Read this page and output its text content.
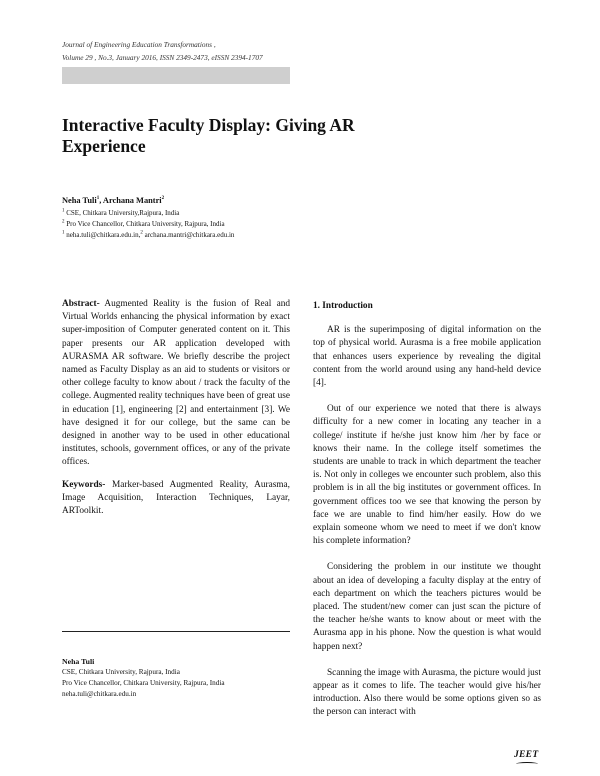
Journal of Engineering Education Transformations ,
Volume 29 , No.3, January 2016, ISSN 2349-2473, eISSN 2394-1707
Interactive Faculty Display: Giving AR
Experience
Neha Tuli$^1$, Archana Mantri$^2$
$^1$ CSE, Chitkara University,Rajpura, India
$^2$ Pro Vice Chancellor, Chitkara University, Rajpura, India
$^1$ neha.tuli@chitkara.edu.in,$^2$ archana.mantri@chitkara.edu.in

Abstract- Augmented Reality is the fusion of Real and Virtual Worlds enhancing the physical information by exact super-imposition of Computer generated content on it. This paper presents our AR application developed with AURASMA AR software. We briefly describe the project named as Faculty Display as an aid to students or visitors or other college faculty to know about / track the faculty of the college. Augmented reality techniques have been of great use in education [1], engineering [2] and entertainment [3]. We have designed it for our college, but the same can be designed in another way to be used in other educational institutes, schools, government offices, or any of the private offices.

Keywords- Marker-based Augmented Reality, Aurasma, Image Acquisition, Interaction Techniques, Layar, ARToolkit.

Neha Tuli
CSE, Chitkara University, Rajpura, India
Pro Vice Chancellor, Chitkara University, Rajpura, India
neha.tuli@chitkara.edu.in
1. Introduction

AR is the superimposing of digital information on the top of physical world. Aurasma is a free mobile application that enhances users experience by revealing the digital content from the world around using any hand-held device [4].

Out of our experience we noted that there is always difficulty for a new comer in locating any teacher in a college/ institute if he/she just know him /her by face or knows their name. In the college itself sometimes the students are unable to track in which department the teacher is. Not only in colleges we encounter such problem, also this problem is in all the big institutes or government offices. In government offices too we see that knowing the person by face we are unable to find him/her easily. How do we explain someone whom we need to meet if we don't know his complete information?

Considering the problem in our institute we thought about an idea of developing a faculty display at the entry of each department on which the teachers pictures would be placed. The student/new comer can just scan the picture of the teacher he/she wants to know about or meet with the Aurasma app in his phone. Now the question is what would happen next?

Scanning the image with Aurasma, the picture would just appear as it comes to life. The teacher would give his/her introduction. Also there would be some options given so as the person can interact with

JEET
